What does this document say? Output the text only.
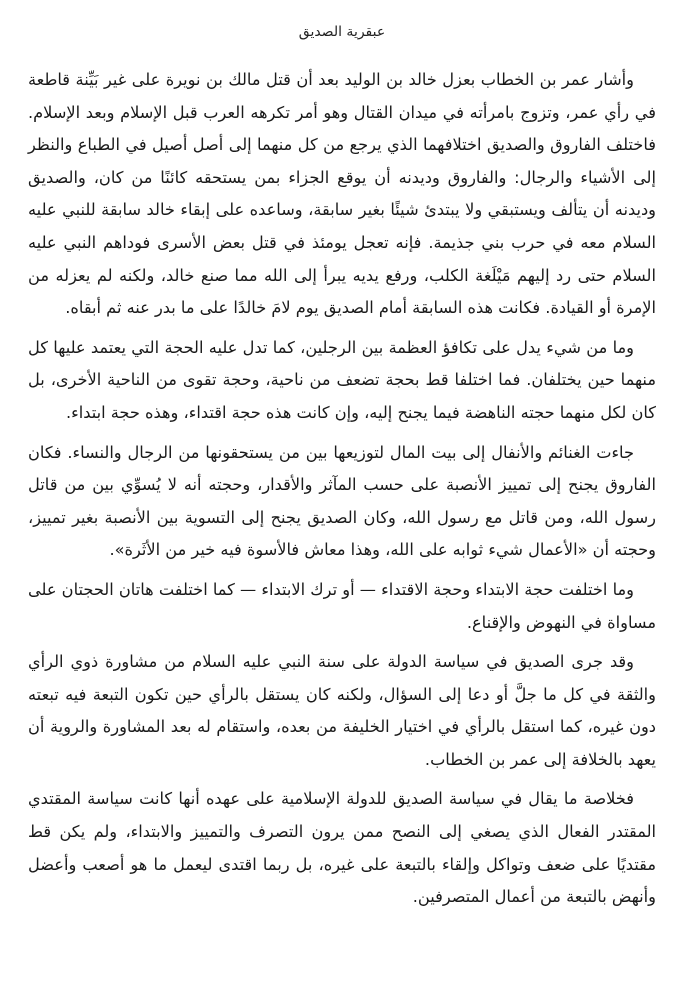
عبقرية الصديق

وأشار عمر بن الخطاب بعزل خالد بن الوليد بعد أن قتل مالك بن نويرة على غير بَيِّنة قاطعة في رأي عمر، وتزوج بامرأته في ميدان القتال وهو أمر تكرهه العرب قبل الإسلام وبعد الإسلام. فاختلف الفاروق والصديق اختلافهما الذي يرجع من كل منهما إلى أصل أصيل في الطباع والنظر إلى الأشياء والرجال: والفاروق وديدنه أن يوقع الجزاء بمن يستحقه كائنًا من كان، والصديق وديدنه أن يتألف ويستبقي ولا يبتدئ شيئًا بغير سابقة، وساعده على إبقاء خالد سابقة للنبي عليه السلام معه في حرب بني جذيمة. فإنه تعجل يومئذ في قتل بعض الأسرى فوداهم النبي عليه السلام حتى رد إليهم مَيْلَغة الكلب، ورفع يديه يبرأ إلى الله مما صنع خالد، ولكنه لم يعزله من الإمرة أو القيادة. فكانت هذه السابقة أمام الصديق يوم لامَ خالدًا على ما بدر عنه ثم أبقاه.

وما من شيء يدل على تكافؤ العظمة بين الرجلين، كما تدل عليه الحجة التي يعتمد عليها كل منهما حين يختلفان. فما اختلفا قط بحجة تضعف من ناحية، وحجة تقوى من الناحية الأخرى، بل كان لكل منهما حجته الناهضة فيما يجنح إليه، وإن كانت هذه حجة اقتداء، وهذه حجة ابتداء.

جاءت الغنائم والأنفال إلى بيت المال لتوزيعها بين من يستحقونها من الرجال والنساء. فكان الفاروق يجنح إلى تمييز الأنصبة على حسب المآثر والأقدار، وحجته أنه لا يُسوِّي بين من قاتل رسول الله، ومن قاتل مع رسول الله، وكان الصديق يجنح إلى التسوية بين الأنصبة بغير تمييز، وحجته أن «الأعمال شيء ثوابه على الله، وهذا معاش فالأسوة فيه خير من الأثَرة».

وما اختلفت حجة الابتداء وحجة الاقتداء — أو ترك الابتداء — كما اختلفت هاتان الحجتان على مساواة في النهوض والإقناع.

وقد جرى الصديق في سياسة الدولة على سنة النبي عليه السلام من مشاورة ذوي الرأي والثقة في كل ما جلَّ أو دعا إلى السؤال، ولكنه كان يستقل بالرأي حين تكون التبعة فيه تبعته دون غيره، كما استقل بالرأي في اختيار الخليفة من بعده، واستقام له بعد المشاورة والروية أن يعهد بالخلافة إلى عمر بن الخطاب.

فخلاصة ما يقال في سياسة الصديق للدولة الإسلامية على عهده أنها كانت سياسة المقتدي المقتدر الفعال الذي يصغي إلى النصح ممن يرون التصرف والتمييز والابتداء، ولم يكن قط مقتديًا على ضعف وتواكل وإلقاء بالتبعة على غيره، بل ربما اقتدى ليعمل ما هو أصعب وأعضل وأنهض بالتبعة من أعمال المتصرفين.
